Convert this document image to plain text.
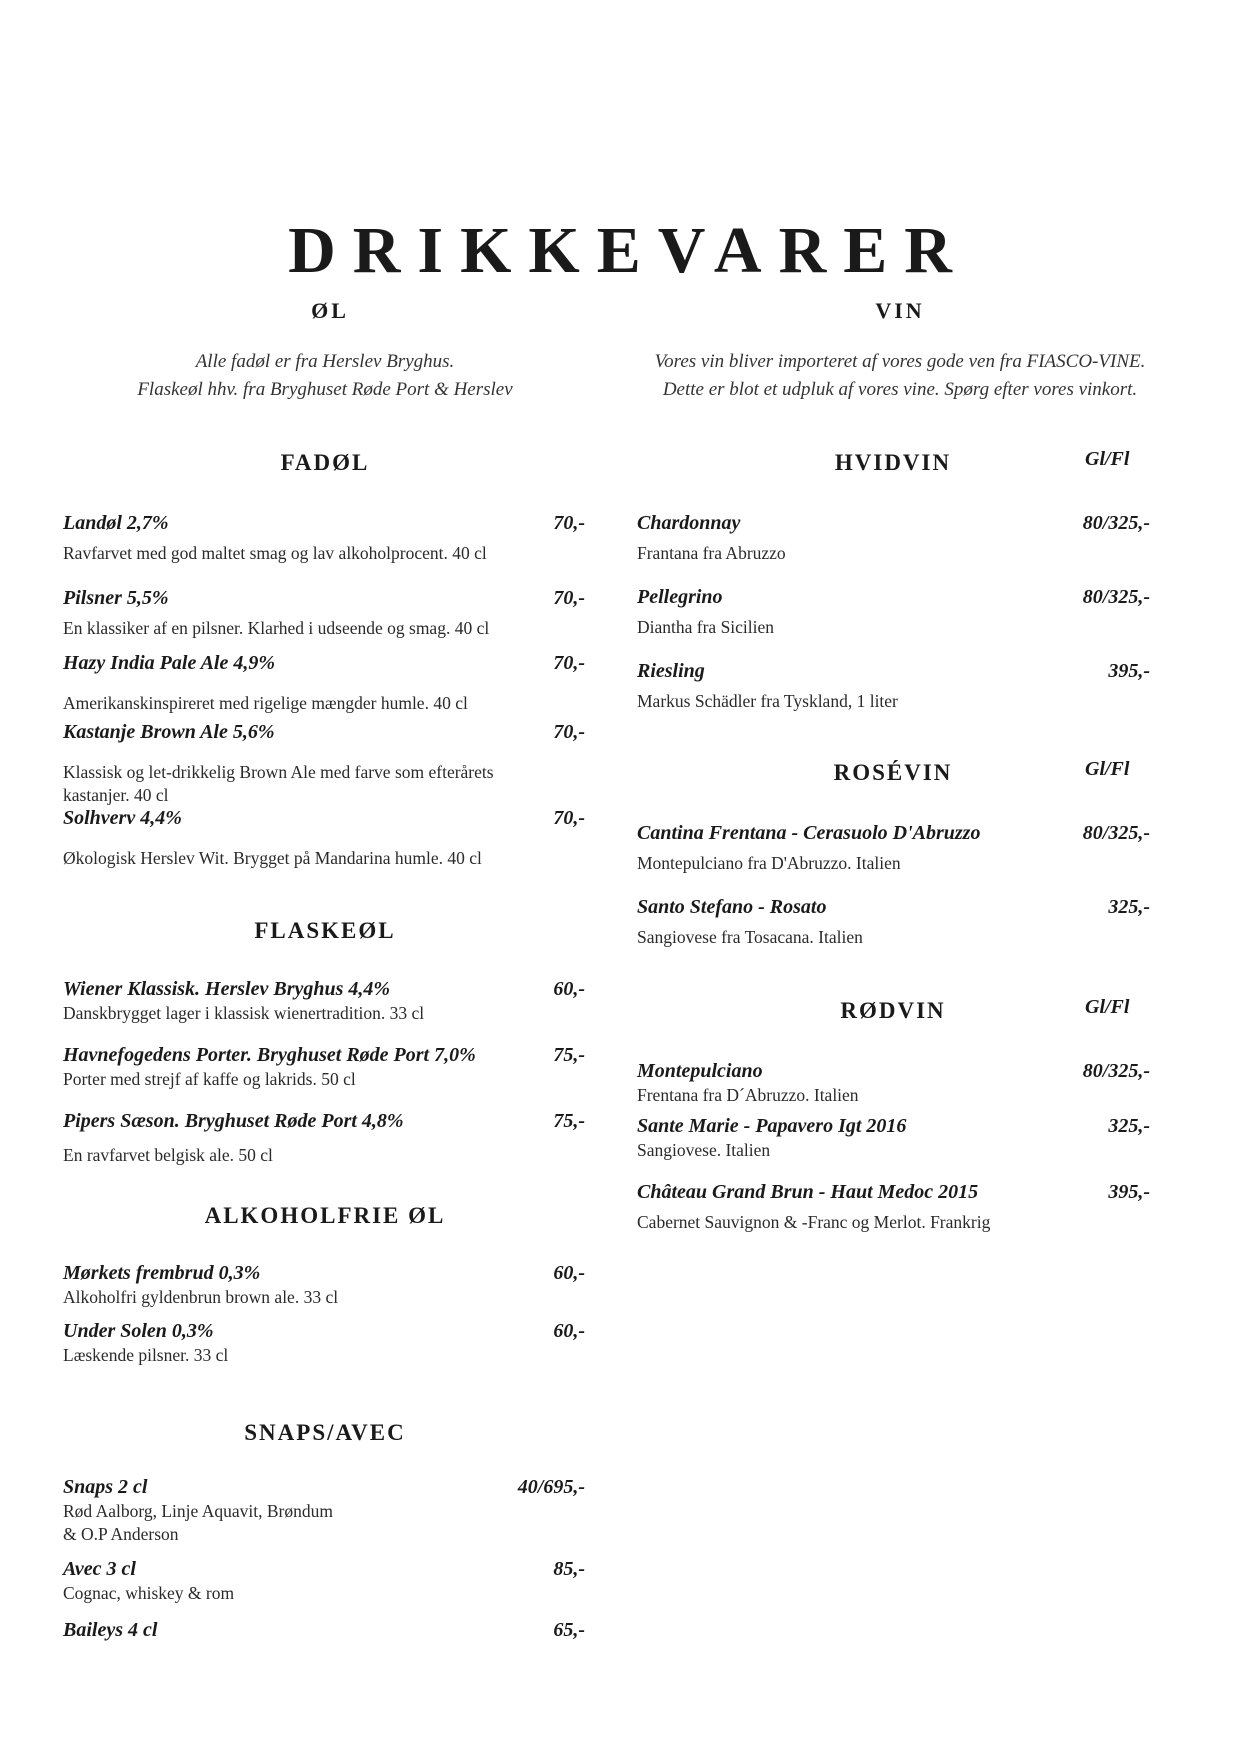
DRIKKEVARER
ØL	VIN
Alle fadøl er fra Herslev Bryghus.
Flaskeøl hhv. fra Bryghuset Røde Port & Herslev
Vores vin bliver importeret af vores gode ven fra FIASCO-VINE.
Dette er blot et udpluk af vores vine. Spørg efter vores vinkort.
FADØL
Landøl 2,7%	70,-
Ravfarvet med god maltet smag og lav alkoholprocent. 40 cl
Pilsner 5,5%	70,-
En klassiker af en pilsner. Klarhed i udseende og smag. 40 cl
Hazy India Pale Ale 4,9%	70,-
Amerikanskinspireret med rigelige mængder humle. 40 cl
Kastanje Brown Ale 5,6%	70,-
Klassisk og let-drikkelig Brown Ale med farve som efterårets
kastanjer. 40 cl
Solhverv 4,4%	70,-
Økologisk Herslev Wit. Brygget på Mandarina humle. 40 cl
FLASKEØL
Wiener Klassisk. Herslev Bryghus 4,4%	60,-
Danskbrygget lager i klassisk wienertradition. 33 cl
Havnefogedens Porter. Bryghuset Røde Port 7,0%	75,-
Porter med strejf af kaffe og lakrids. 50 cl
Pipers Sæson. Bryghuset Røde Port 4,8%	75,-
En ravfarvet belgisk ale. 50 cl
ALKOHOLFRIE ØL
Mørkets frembrud 0,3%	60,-
Alkoholfri gyldenbrun brown ale. 33 cl
Under Solen 0,3%	60,-
Læskende pilsner. 33 cl
SNAPS/AVEC
Snaps 2 cl	40/695,-
Rød Aalborg, Linje Aquavit, Brøndum
& O.P Anderson
Avec 3 cl	85,-
Cognac, whiskey & rom
Baileys 4 cl	65,-
HVIDVIN	Gl/Fl
Chardonnay	80/325,-
Frantana fra Abruzzo
Pellegrino	80/325,-
Diantha fra Sicilien
Riesling	395,-
Markus Schädler fra Tyskland, 1 liter
ROSÉVIN	Gl/Fl
Cantina Frentana - Cerasuolo D'Abruzzo	80/325,-
Montepulciano fra D'Abruzzo. Italien
Santo Stefano - Rosato	325,-
Sangiovese fra Tosacana. Italien
RØDVIN	Gl/Fl
Montepulciano	80/325,-
Frentana fra D´Abruzzo. Italien
Sante Marie - Papavero Igt 2016	325,-
Sangiovese. Italien
Château Grand Brun - Haut Medoc 2015	395,-
Cabernet Sauvignon & -Franc og Merlot. Frankrig
